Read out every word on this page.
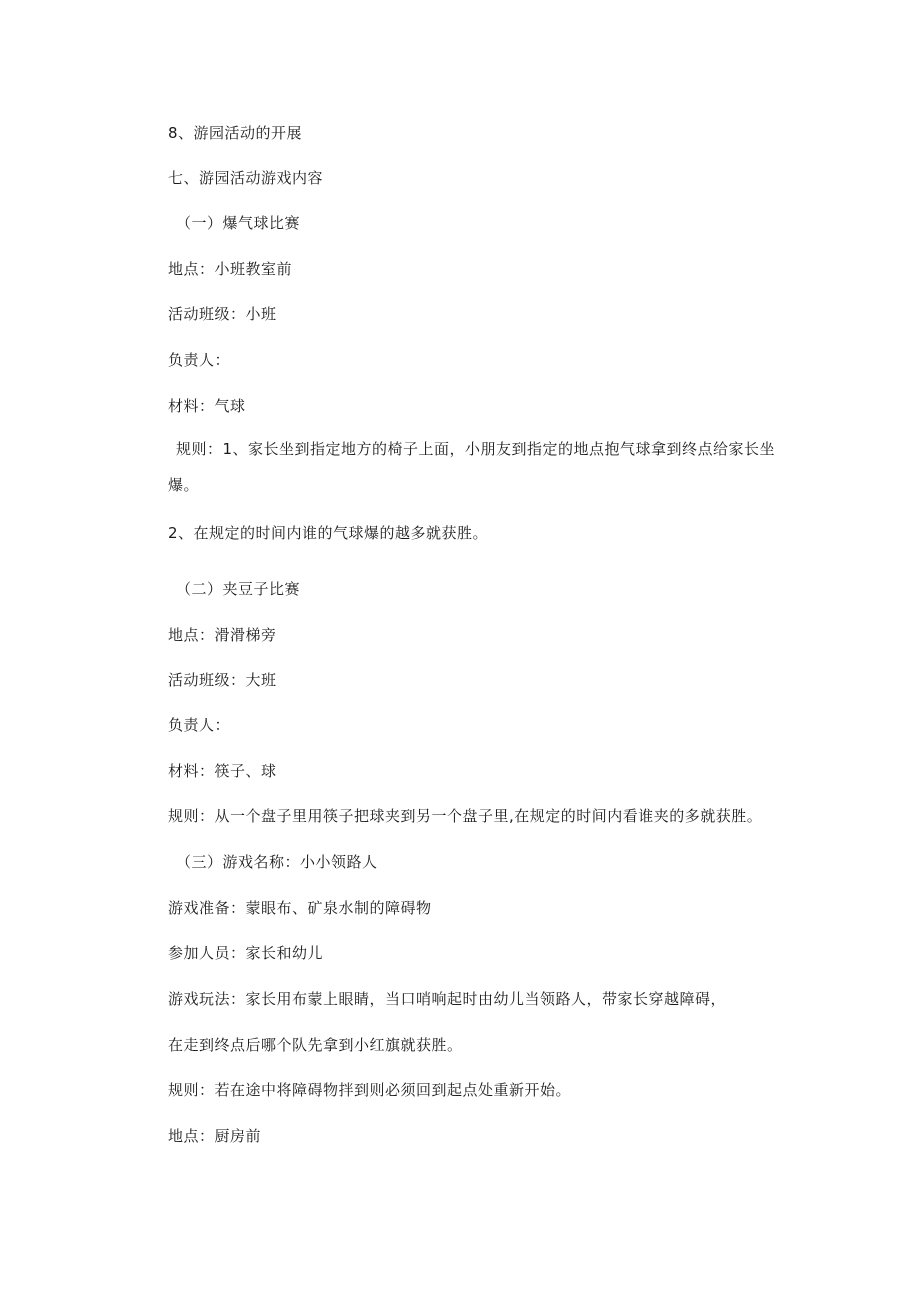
8、游园活动的开展
七、游园活动游戏内容
（一）爆气球比赛
地点：小班教室前
活动班级：小班
负责人：
材料：气球
规则：1、家长坐到指定地方的椅子上面，小朋友到指定的地点抱气球拿到终点给家长坐爆。
2、在规定的时间内谁的气球爆的越多就获胜。
（二）夹豆子比赛
地点：滑滑梯旁
活动班级：大班
负责人：
材料：筷子、球
规则：从一个盘子里用筷子把球夹到另一个盘子里,在规定的时间内看谁夹的多就获胜。
（三）游戏名称：小小领路人
游戏准备：蒙眼布、矿泉水制的障碍物
参加人员：家长和幼儿
游戏玩法：家长用布蒙上眼睛，当口哨响起时由幼儿当领路人，带家长穿越障碍，
在走到终点后哪个队先拿到小红旗就获胜。
规则：若在途中将障碍物拌到则必须回到起点处重新开始。
地点：厨房前
